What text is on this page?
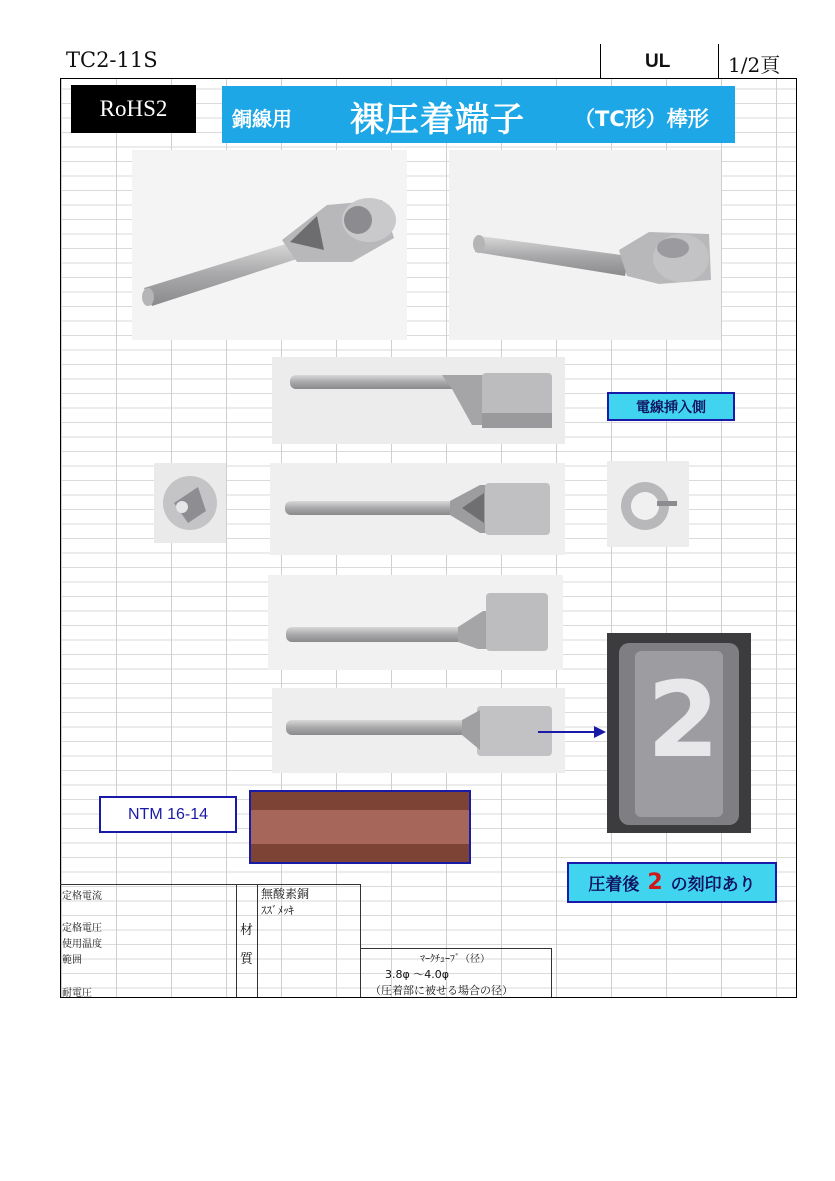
TC2-11S	UL	1/2頁
RoHS2	銅線用 裸圧着端子 （TC形）棒形
電線挿入側
2
NTM 16-14
圧着後 2 の刻印あり
定格電流
定格電圧
使用温度
範囲
耐電圧
材
質
無酸素銅
ｽｽﾞﾒｯｷ
ﾏｰｸﾁｭｰﾌﾞ（径）
3.8φ ～4.0φ
（圧着部に被せる場合の径）
